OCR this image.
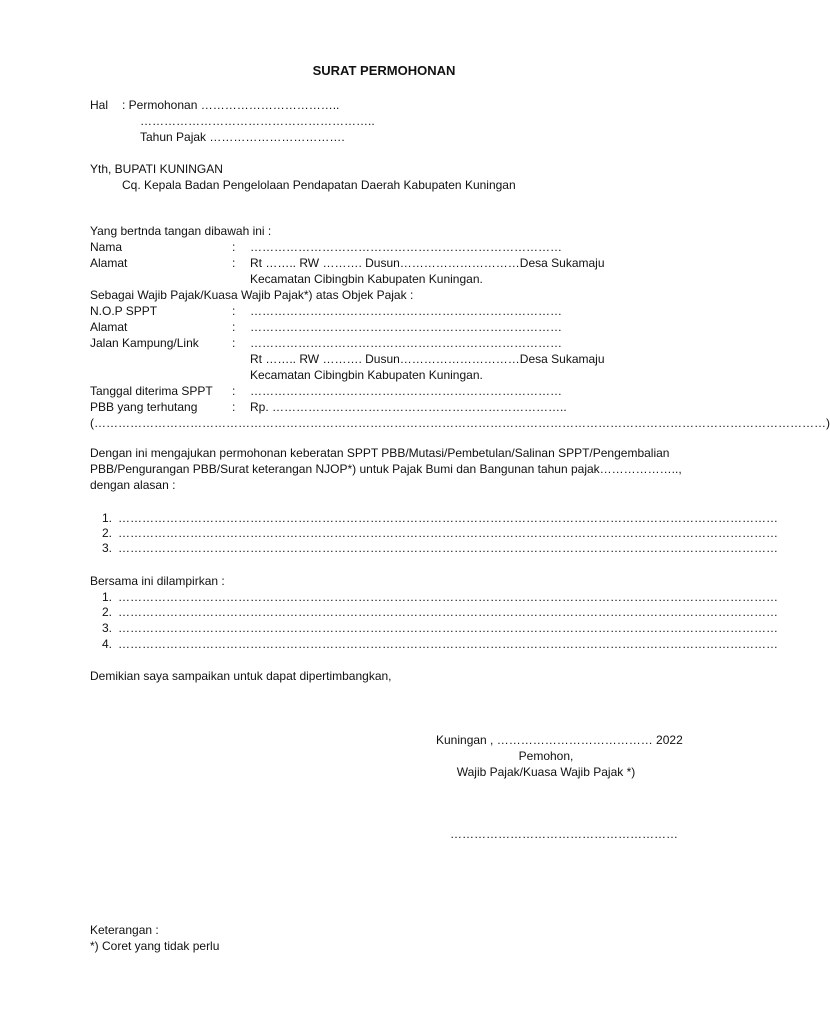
SURAT PERMOHONAN
Hal : Permohonan ……………………………..
…………………………………………………..
Tahun Pajak …………………………….
Yth, BUPATI KUNINGAN
Cq. Kepala Badan Pengelolaan Pendapatan Daerah Kabupaten Kuningan
Yang bertnda tangan dibawah ini :
Nama	: ……………………………………………………………………
Alamat	: Rt …….. RW ………. Dusun…………………………Desa Sukamaju
Kecamatan Cibingbin Kabupaten Kuningan.
Sebagai Wajib Pajak/Kuasa Wajib Pajak*) atas Objek Pajak :
N.O.P SPPT	: ……………………………………………………………………
Alamat	: ……………………………………………………………………
Jalan Kampung/Link	: ……………………………………………………………………
Rt …….. RW ………. Dusun…………………………Desa Sukamaju
Kecamatan Cibingbin Kabupaten Kuningan.
Tanggal diterima SPPT : ……………………………………………………………………
PBB yang terhutang	: Rp. ………………………………………………………………..
(…………………………………………………………………………………………………………………………………………………………………)
Dengan ini mengajukan permohonan keberatan SPPT PBB/Mutasi/Pembetulan/Salinan SPPT/Pengembalian
PBB/Pengurangan PBB/Surat keterangan NJOP*) untuk Pajak Bumi dan Bangunan tahun pajak………………..,
dengan alasan :
1. …………………………………………………………………………………………………………………………………………………
2. …………………………………………………………………………………………………………………………………………………
3. …………………………………………………………………………………………………………………………………………………
Bersama ini dilampirkan :
1. …………………………………………………………………………………………………………………………………………………
2. …………………………………………………………………………………………………………………………………………………
3. …………………………………………………………………………………………………………………………………………………
4. …………………………………………………………………………………………………………………………………………………
Demikian saya sampaikan untuk dapat dipertimbangkan,
Kuningan , ………………………………… 2022
Pemohon,
Wajib Pajak/Kuasa Wajib Pajak *)
…………………………………………………
Keterangan :
*) Coret yang tidak perlu
